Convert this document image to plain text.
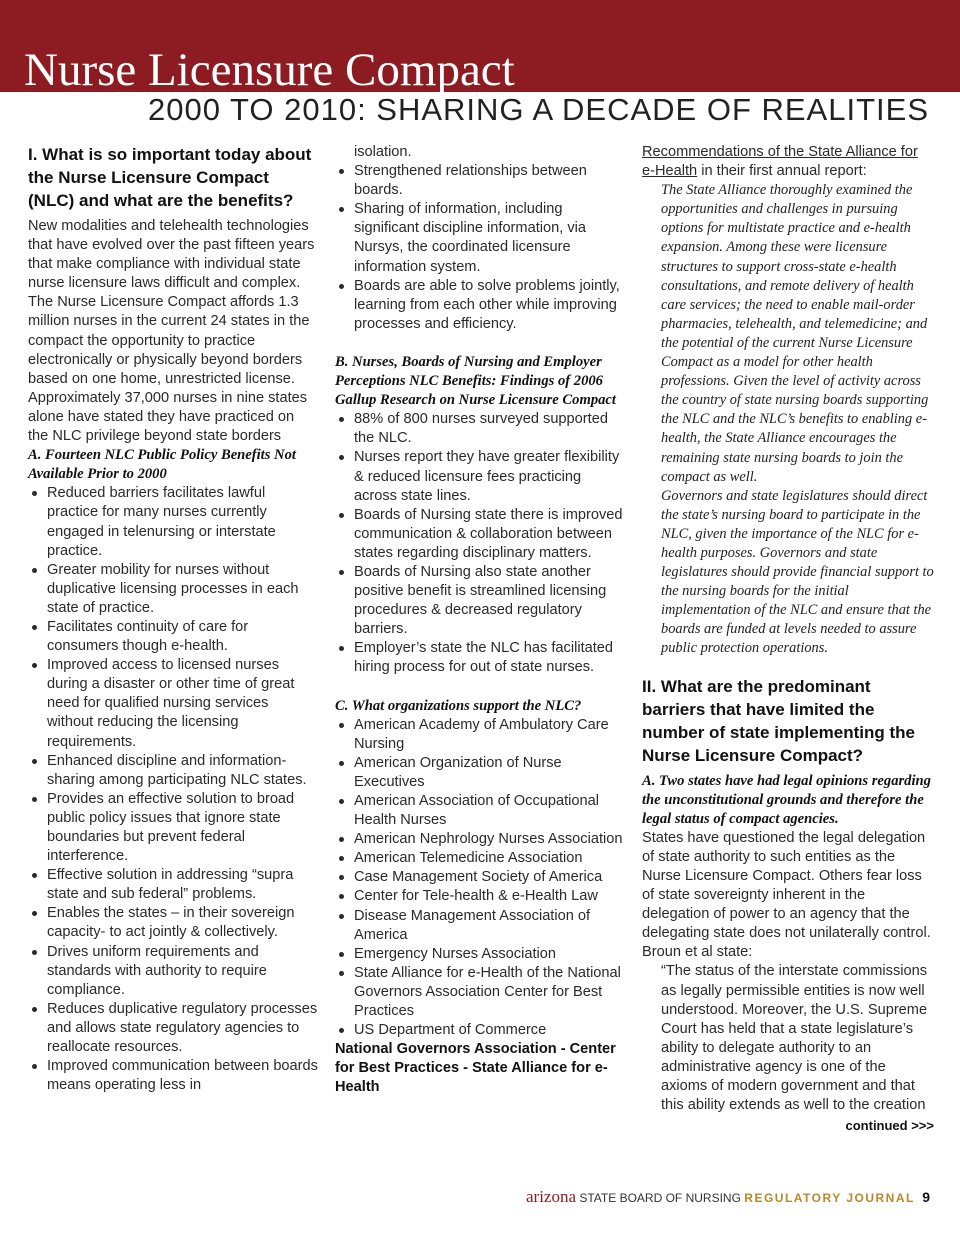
Nurse Licensure Compact
2000 TO 2010: SHARING A DECADE OF REALITIES
I. What is so important today about the Nurse Licensure Compact (NLC) and what are the benefits?

New modalities and telehealth technologies that have evolved over the past fifteen years that make compliance with individual state nurse licensure laws difficult and complex. The Nurse Licensure Compact affords 1.3 million nurses in the current 24 states in the compact the opportunity to practice electronically or physically beyond borders based on one home, unrestricted license. Approximately 37,000 nurses in nine states alone have stated they have practiced on the NLC privilege beyond state borders

A. Fourteen NLC Public Policy Benefits Not Available Prior to 2000
Reduced barriers facilitates lawful practice for many nurses currently engaged in telenursing or interstate practice.
Greater mobility for nurses without duplicative licensing processes in each state of practice.
Facilitates continuity of care for consumers though e-health.
Improved access to licensed nurses during a disaster or other time of great need for qualified nursing services without reducing the licensing requirements.
Enhanced discipline and information-sharing among participating NLC states.
Provides an effective solution to broad public policy issues that ignore state boundaries but prevent federal interference.
Effective solution in addressing “supra state and sub federal” problems.
Enables the states – in their sovereign capacity- to act jointly & collectively.
Drives uniform requirements and standards with authority to require compliance.
Reduces duplicative regulatory processes and allows state regulatory agencies to reallocate resources.
Improved communication between boards means operating less in

isolation.

Strengthened relationships between boards.
Sharing of information, including significant discipline information, via Nursys, the coordinated licensure information system.
Boards are able to solve problems jointly, learning from each other while improving processes and efficiency.
B. Nurses, Boards of Nursing and Employer Perceptions NLC Benefits: Findings of 2006 Gallup Research on Nurse Licensure Compact
88% of 800 nurses surveyed supported the NLC.
Nurses report they have greater flexibility & reduced licensure fees practicing across state lines.
Boards of Nursing state there is improved communication & collaboration between states regarding disciplinary matters.
Boards of Nursing also state another positive benefit is streamlined licensing procedures & decreased regulatory barriers.
Employer’s state the NLC has facilitated hiring process for out of state nurses.
C. What organizations support the NLC?
American Academy of Ambulatory Care Nursing
American Organization of Nurse Executives
American Association of Occupational Health Nurses
American Nephrology Nurses Association
American Telemedicine Association
Case Management Society of America
Center for Tele-health & e-Health Law
Disease Management Association of America
Emergency Nurses Association
State Alliance for e-Health of the National Governors Association Center for Best Practices
US Department of Commerce

National Governors Association - Center for Best Practices - State Alliance for e-Health

Recommendations of the State Alliance for e-Health in their first annual report:

The State Alliance thoroughly examined the opportunities and challenges in pursuing options for multistate practice and e-health expansion. Among these were licensure structures to support cross-state e-health consultations, and remote delivery of health care services; the need to enable mail-order pharmacies, telehealth, and telemedicine; and the potential of the current Nurse Licensure Compact as a model for other health professions. Given the level of activity across the country of state nursing boards supporting the NLC and the NLC’s benefits to enabling e-health, the State Alliance encourages the remaining state nursing boards to join the compact as well.

Governors and state legislatures should direct the state’s nursing board to participate in the NLC, given the importance of the NLC for e-health purposes. Governors and state legislatures should provide financial support to the nursing boards for the initial implementation of the NLC and ensure that the boards are funded at levels needed to assure public protection operations.

II. What are the predominant barriers that have limited the number of state implementing the Nurse Licensure Compact?
A. Two states have had legal opinions regarding the unconstitutional grounds and therefore the legal status of compact agencies.

States have questioned the legal delegation of state authority to such entities as the Nurse Licensure Compact. Others fear loss of state sovereignty inherent in the delegation of power to an agency that the delegating state does not unilaterally control. Broun et al state:

“The status of the interstate commissions as legally permissible entities is now well understood. Moreover, the U.S. Supreme Court has held that a state legislature’s ability to delegate authority to an administrative agency is one of the axioms of modern government and that this ability extends as well to the creation

continued >>>

arizona STATE BOARD OF NURSING REGULATORY JOURNAL 9
